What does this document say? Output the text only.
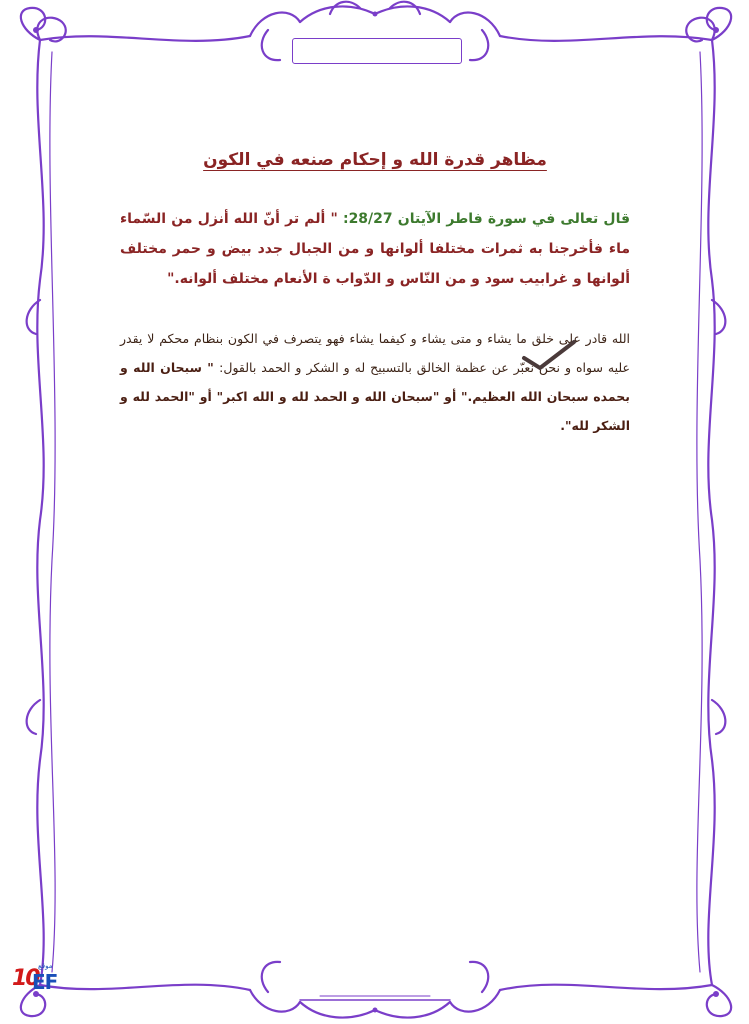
مظاهر قدرة الله و إحكام صنعه في الكون

قال تعالى في سورة فاطر الآيتان 28/27: " ألم تر أنّ الله أنزل من السّماء ماء فأخرجنا به ثمرات مختلفا ألوانها و من الجبال جدد بيض و حمر مختلف ألوانها و غرابيب سود و من النّاس و الدّواب ة الأنعام مختلف ألوانه."

الله قادر على خلق ما يشاء و متى يشاء و كيفما يشاء فهو يتصرف في الكون بنظام محكم لا يقدر عليه سواه و نحن نعبّر عن عظمة الخالق بالتسبيح له و الشكر و الحمد بالقول: " سبحان الله و بحمده سبحان الله العظيم." أو "سبحان الله و الحمد لله و الله اكبر" أو "الحمد لله و الشكر لله".

10
EF
موقع
